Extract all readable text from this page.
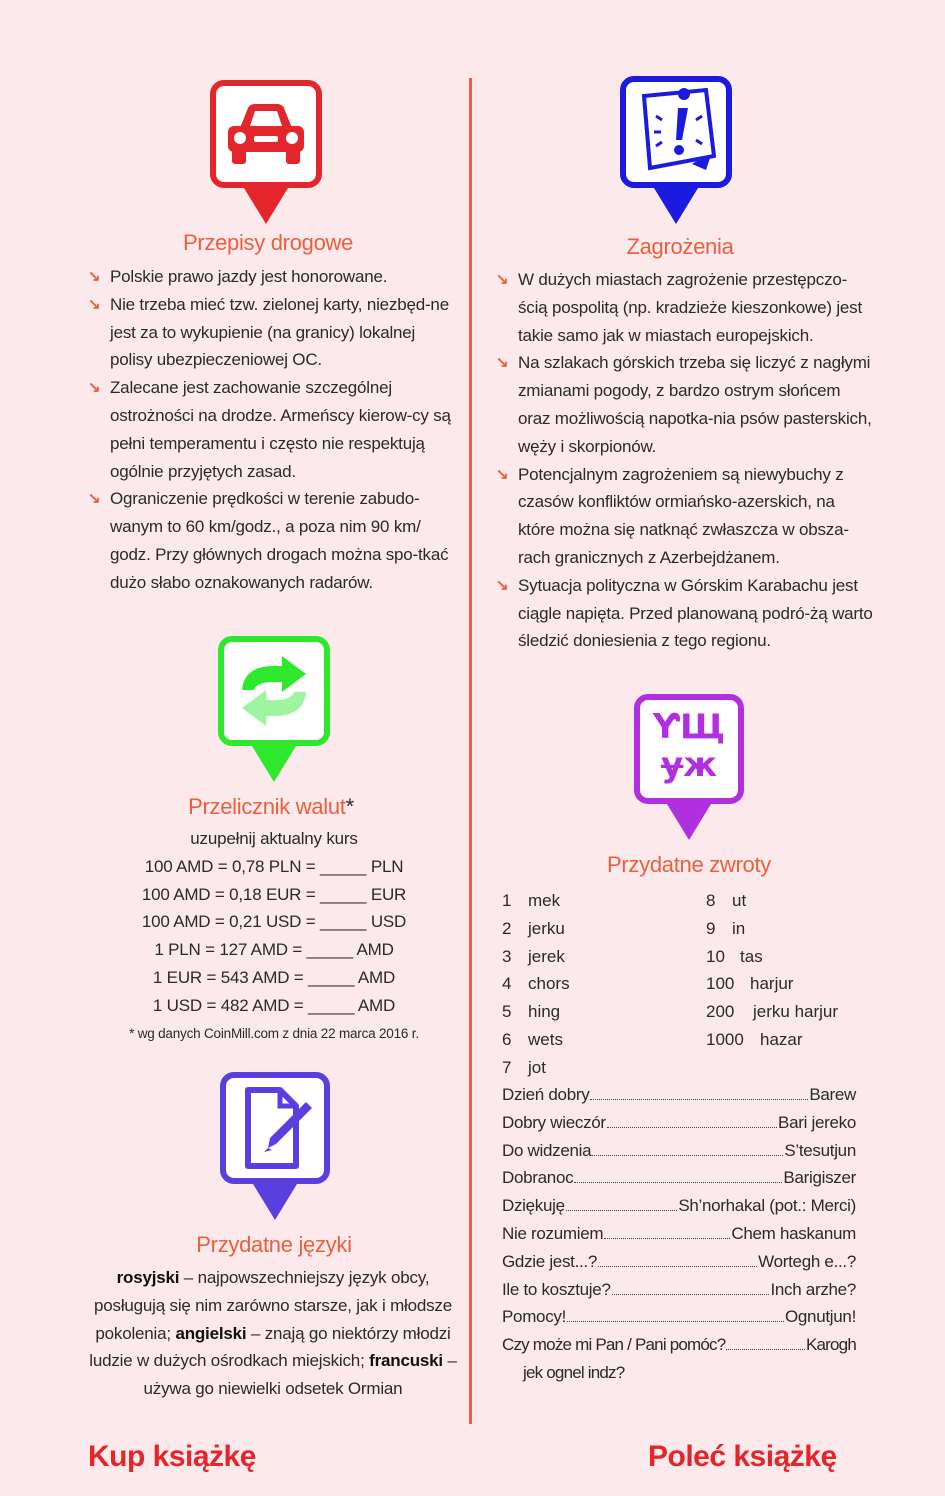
Przepisy drogowe
↘ Polskie prawo jazdy jest honorowane.
↘ Nie trzeba mieć tzw. zielonej karty, niezbęd-ne jest za to wykupienie (na granicy) lokalnej polisy ubezpieczeniowej OC.
↘ Zalecane jest zachowanie szczególnej ostrożności na drodze. Armeńscy kierow-cy są pełni temperamentu i często nie respektują ogólnie przyjętych zasad.
↘ Ograniczenie prędkości w terenie zabudo-wanym to 60 km/godz., a poza nim 90 km/ godz. Przy głównych drogach można spo-tkać dużo słabo oznakowanych radarów.
Zagrożenia
↘ W dużych miastach zagrożenie przestępczo-ścią pospolitą (np. kradzieże kieszonkowe) jest takie samo jak w miastach europejskich.
↘ Na szlakach górskich trzeba się liczyć z nagłymi zmianami pogody, z bardzo ostrym słońcem oraz możliwością napotka-nia psów pasterskich, węży i skorpionów.
↘ Potencjalnym zagrożeniem są niewybuchy z czasów konfliktów ormiańsko-azerskich, na które można się natknąć zwłaszcza w obsza-rach granicznych z Azerbejdżanem.
↘ Sytuacja polityczna w Górskim Karabachu jest ciągle napięta. Przed planowaną podró-żą warto śledzić doniesienia z tego regionu.
Przelicznik walut*
uzupełnij aktualny kurs
100 AMD = 0,78 PLN = _____ PLN
100 AMD = 0,18 EUR = _____ EUR
100 AMD = 0,21 USD = _____ USD
1 PLN = 127 AMD = _____ AMD
1 EUR = 543 AMD = _____ AMD
1 USD = 482 AMD = _____ AMD
* wg danych CoinMill.com z dnia 22 marca 2016 r.
Przydatne języki
rosyjski – najpowszechniejszy język obcy, posługują się nim zarówno starsze, jak i młodsze pokolenia; angielski – znają go niektórzy młodzi ludzie w dużych ośrodkach miejskich; francuski – używa go niewielki odsetek Ormian
ƳЩ
ɏж
Przydatne zwroty
1 mek
2 jerku
3 jerek
4 chors
5 hing
6 wets
7 jot
8 ut
9 in
10 tas
100 harjur
200	jerku harjur
1000 hazar
Dzień dobry	Barew
Dobry wieczór	Bari jereko
Do widzenia	S’tesutjun
Dobranoc	Barigiszer
Dziękuję	Sh’norhakal (pot.: Merci)
Nie rozumiem	Chem haskanum
Gdzie jest...?	Wortegh e...?
Ile to kosztuje?	Inch arzhe?
Pomocy!	Ognutjun!
Czy może mi Pan / Pani pomóc?	Karogh
jek ognel indz?
Kup książkę	Poleć książkę
